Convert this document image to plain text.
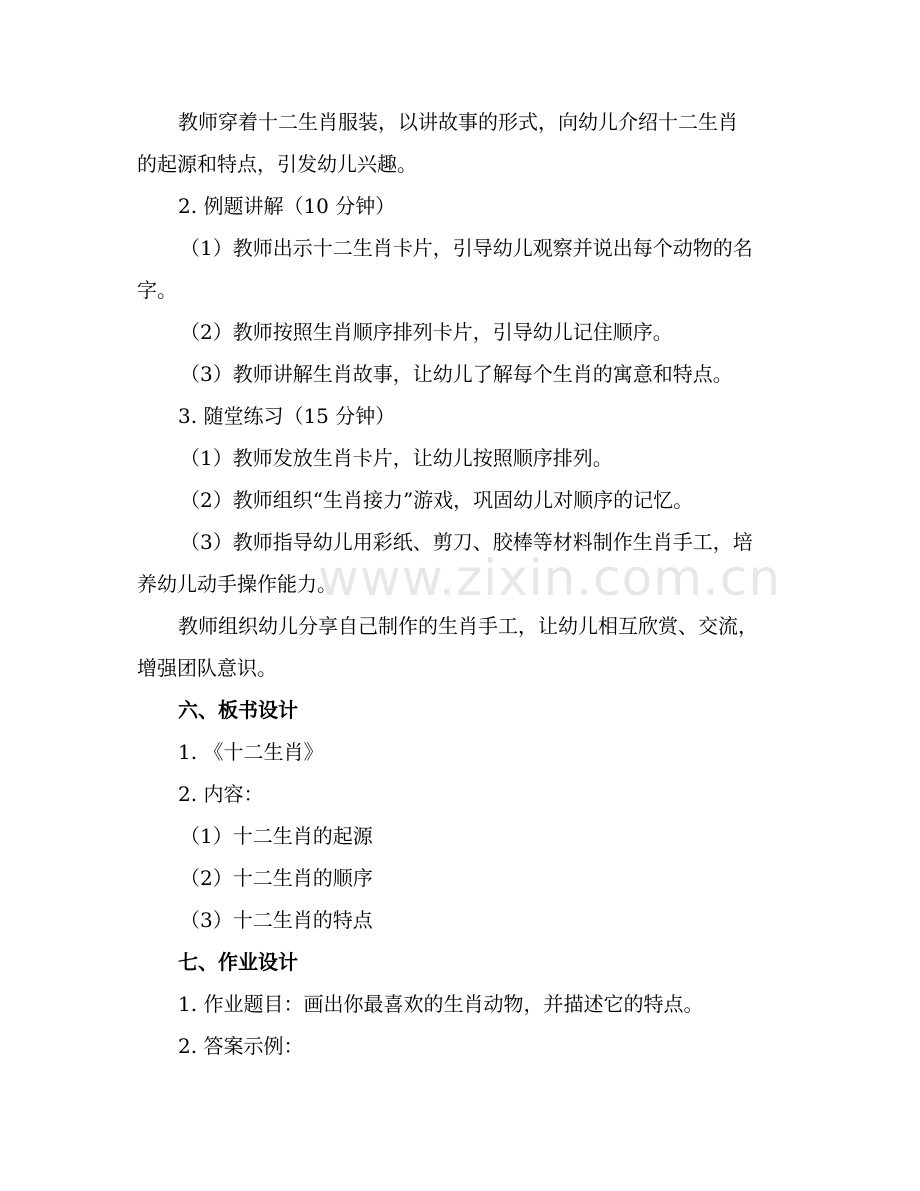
教师穿着十二生肖服装，以讲故事的形式，向幼儿介绍十二生肖
的起源和特点，引发幼儿兴趣。
2. 例题讲解（10 分钟）
（1）教师出示十二生肖卡片，引导幼儿观察并说出每个动物的名
字。
（2）教师按照生肖顺序排列卡片，引导幼儿记住顺序。
（3）教师讲解生肖故事，让幼儿了解每个生肖的寓意和特点。
3. 随堂练习（15 分钟）
（1）教师发放生肖卡片，让幼儿按照顺序排列。
（2）教师组织“生肖接力”游戏，巩固幼儿对顺序的记忆。
（3）教师指导幼儿用彩纸、剪刀、胶棒等材料制作生肖手工，培
养幼儿动手操作能力。
教师组织幼儿分享自己制作的生肖手工，让幼儿相互欣赏、交流，
增强团队意识。
六、板书设计
1. 《十二生肖》
2. 内容：
（1）十二生肖的起源
（2）十二生肖的顺序
（3）十二生肖的特点
七、作业设计
1. 作业题目：画出你最喜欢的生肖动物，并描述它的特点。
2. 答案示例：
www.zixin.com.cn
